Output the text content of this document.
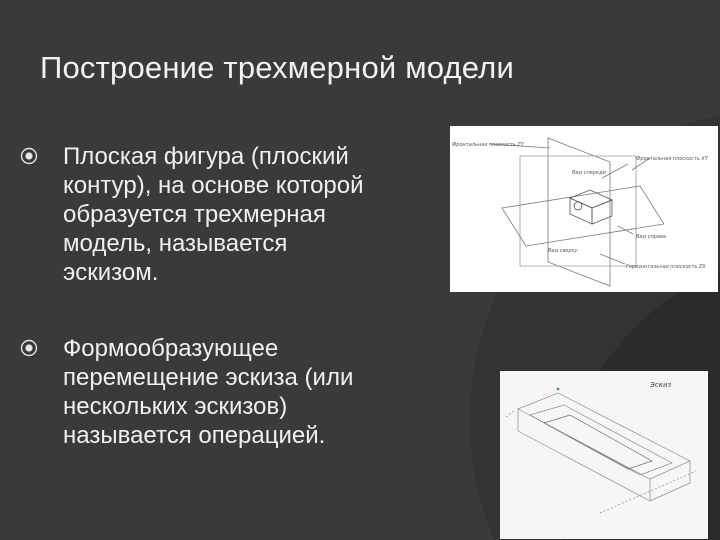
Построение трехмерной модели
Плоская фигура (плоский
контур), на основе которой
образуется трехмерная
модель, называется
эскизом.
Формообразующее
перемещение эскиза (или
нескольких эскизов)
называется операцией.
Фронтальная плоскость ZY
Фронтальная плоскость XY
Вид спереди
Вид сверху
Вид справа
Горизонтальная плоскость ZX
Эскиз
